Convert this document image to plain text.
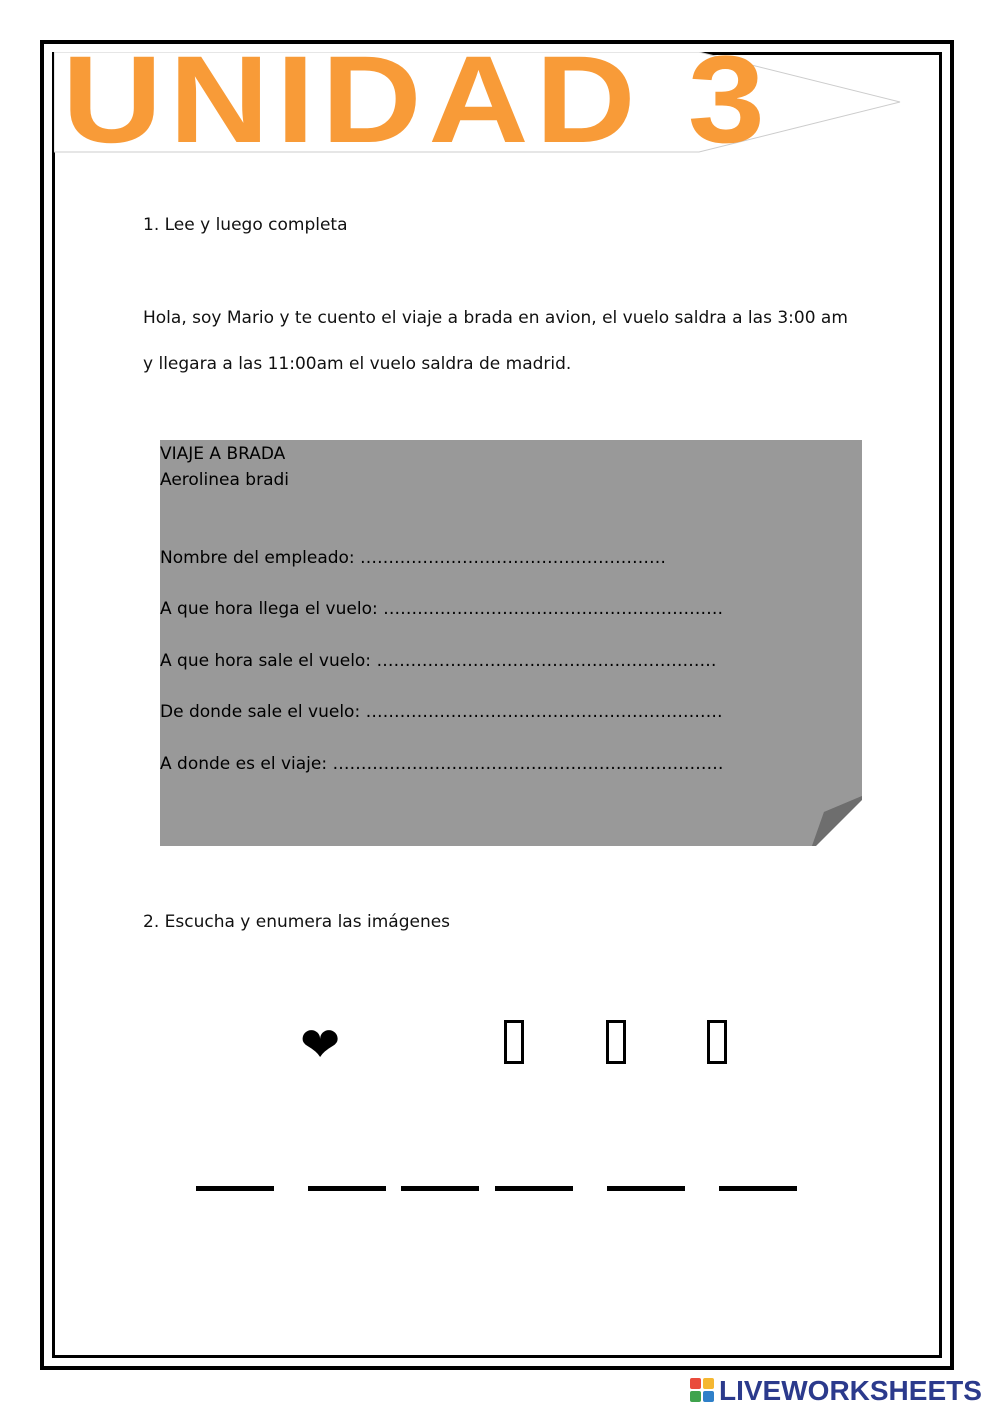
UNIDAD 3
1. Lee y luego completa
Hola, soy Mario y te cuento el viaje a brada en avion, el vuelo saldra a las 3:00 am
y llegara a las 11:00am el vuelo saldra de madrid.
VIAJE A BRADA
Aerolinea bradi
Nombre del empleado: ………………………………………………
A que hora llega el vuelo: ……………………………………………………
A que hora sale el vuelo: ……………………………………………………
De donde sale el vuelo: ………………………………………………………
A donde es el viaje: ……………………………………………………………
2. Escucha y enumera las imágenes
❤
LIVEWORKSHEETS
